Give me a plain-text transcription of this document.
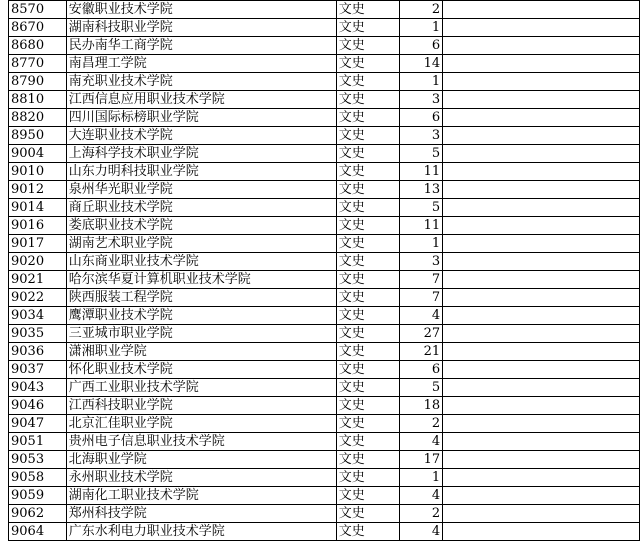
8570	安徽职业技术学院	文史	2	
8670	湖南科技职业学院	文史	1	
8680	民办南华工商学院	文史	6	
8770	南昌理工学院	文史	14	
8790	南充职业技术学院	文史	1	
8810	江西信息应用职业技术学院	文史	3	
8820	四川国际标榜职业学院	文史	6	
8950	大连职业技术学院	文史	3	
9004	上海科学技术职业学院	文史	5	
9010	山东力明科技职业学院	文史	11	
9012	泉州华光职业学院	文史	13	
9014	商丘职业技术学院	文史	5	
9016	娄底职业技术学院	文史	11	
9017	湖南艺术职业学院	文史	1	
9020	山东商业职业技术学院	文史	3	
9021	哈尔滨华夏计算机职业技术学院	文史	7	
9022	陕西服装工程学院	文史	7	
9034	鹰潭职业技术学院	文史	4	
9035	三亚城市职业学院	文史	27	
9036	潇湘职业学院	文史	21	
9037	怀化职业技术学院	文史	6	
9043	广西工业职业技术学院	文史	5	
9046	江西科技职业学院	文史	18	
9047	北京汇佳职业学院	文史	2	
9051	贵州电子信息职业技术学院	文史	4	
9053	北海职业学院	文史	17	
9058	永州职业技术学院	文史	1	
9059	湖南化工职业技术学院	文史	4	
9062	郑州科技学院	文史	2	
9064	广东水利电力职业技术学院	文史	4	
